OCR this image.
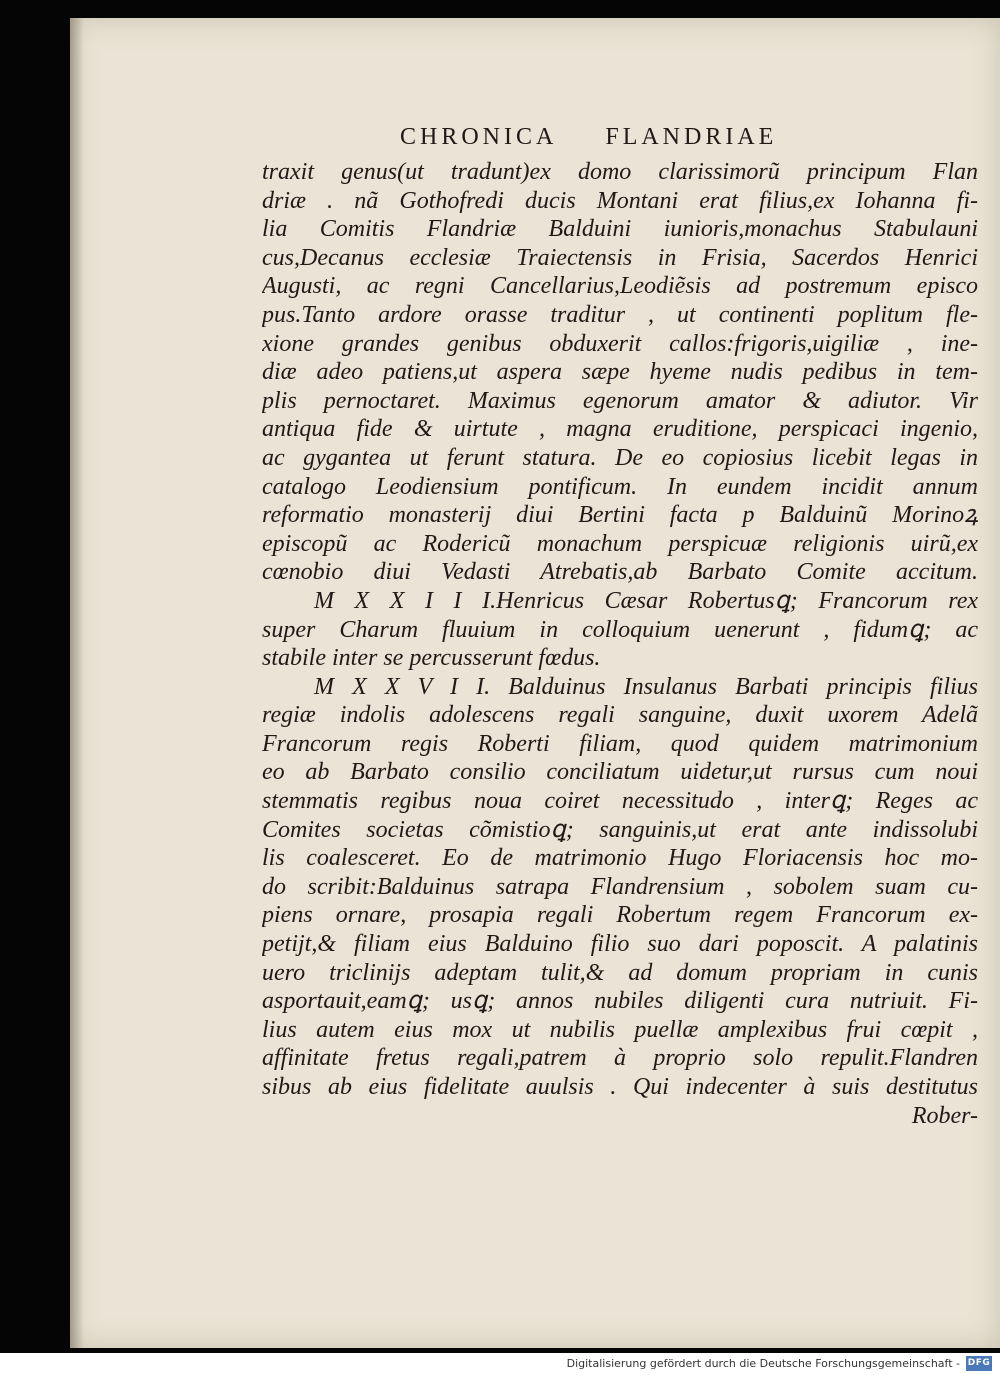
CHRONICA FLANDRIAE
traxit genus(ut tradunt)ex domo clarissimorũ principum Flan
driæ . nã Gothofredi ducis Montani erat filius,ex Iohanna fi-
lia Comitis Flandriæ Balduini iunioris,monachus Stabulauni
cus,Decanus ecclesiæ Traiectensis in Frisia, Sacerdos Henrici
Augusti, ac regni Cancellarius,Leodiẽsis ad postremum episco
pus.Tanto ardore orasse traditur , ut continenti poplitum fle-
xione grandes genibus obduxerit callos:frigoris,uigiliæ , ine-
diæ adeo patiens,ut aspera sæpe hyeme nudis pedibus in tem-
plis pernoctaret. Maximus egenorum amator & adiutor. Vir
antiqua fide & uirtute , magna eruditione, perspicaci ingenio,
ac gygantea ut ferunt statura. De eo copiosius licebit legas in
catalogo Leodiensium pontificum. In eundem incidit annum
reformatio monasterij diui Bertini facta p Balduinũ Morinoꝝ
episcopũ ac Rodericũ monachum perspicuæ religionis uirũ,ex
cœnobio diui Vedasti Atrebatis,ab Barbato Comite accitum.
M X X I I I.Henricus Cæsar Robertusꝗ; Francorum rex
super Charum fluuium in colloquium uenerunt , fidumꝗ; ac
stabile inter se percusserunt fœdus.
M X X V I I. Balduinus Insulanus Barbati principis filius
regiæ indolis adolescens regali sanguine, duxit uxorem Adelã
Francorum regis Roberti filiam, quod quidem matrimonium
eo ab Barbato consilio conciliatum uidetur,ut rursus cum noui
stemmatis regibus noua coiret necessitudo , interꝗ; Reges ac
Comites societas cõmistioꝗ; sanguinis,ut erat ante indissolubi
lis coalesceret. Eo de matrimonio Hugo Floriacensis hoc mo-
do scribit:Balduinus satrapa Flandrensium , sobolem suam cu-
piens ornare, prosapia regali Robertum regem Francorum ex-
petijt,& filiam eius Balduino filio suo dari poposcit. A palatinis
uero triclinijs adeptam tulit,& ad domum propriam in cunis
asportauit,eamꝗ; usꝗ; annos nubiles diligenti cura nutriuit. Fi-
lius autem eius mox ut nubilis puellæ amplexibus frui cœpit ,
affinitate fretus regali,patrem à proprio solo repulit.Flandren
sibus ab eius fidelitate auulsis . Qui indecenter à suis destitutus
Rober-
Digitalisierung gefördert durch die Deutsche Forschungsgemeinschaft - DFG
